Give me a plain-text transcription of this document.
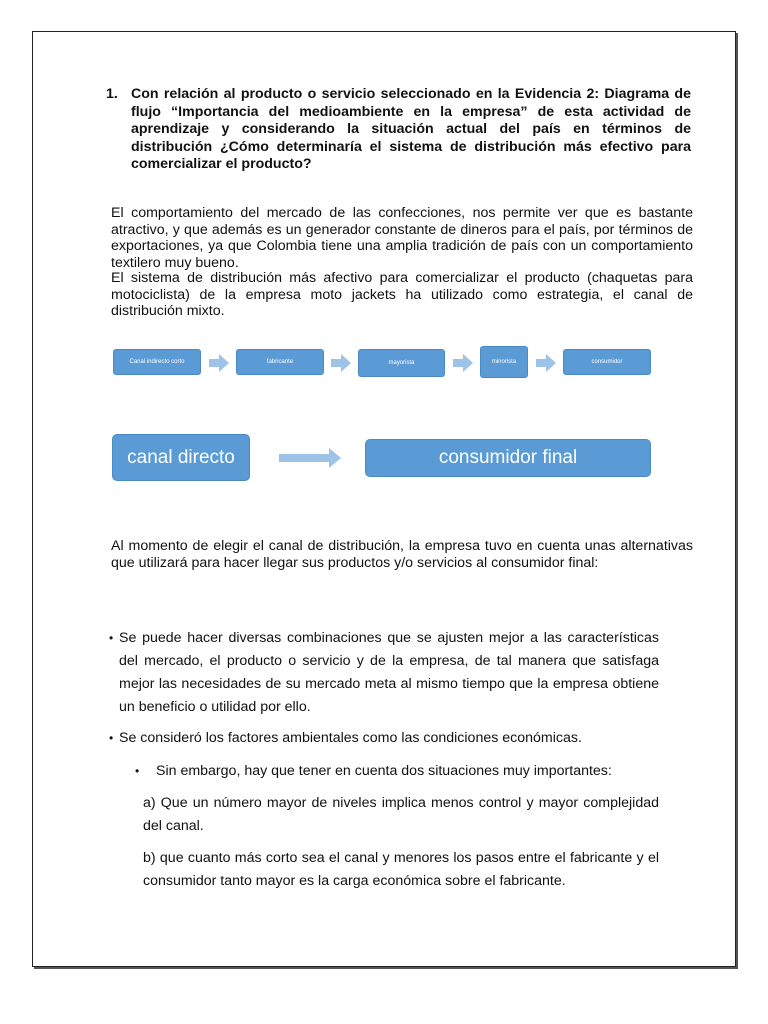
1. Con relación al producto o servicio seleccionado en la Evidencia 2: Diagrama de flujo “Importancia del medioambiente en la empresa” de esta actividad de aprendizaje y considerando la situación actual del país en términos de distribución ¿Cómo determinaría el sistema de distribución más efectivo para comercializar el producto?
El comportamiento del mercado de las confecciones, nos permite ver que es bastante atractivo, y que además es un generador constante de dineros para el país, por términos de exportaciones, ya que Colombia tiene una amplia tradición de país con un comportamiento textilero muy bueno.
El sistema de distribución más afectivo para comercializar el producto (chaquetas para motociclista) de la empresa moto jackets ha utilizado como estrategia, el canal de distribución mixto.
Canal indirecto corto	fabricante	mayorista	minorista	consumidor
canal directo	consumidor final
Al momento de elegir el canal de distribución, la empresa tuvo en cuenta unas alternativas que utilizará para hacer llegar sus productos y/o servicios al consumidor final:
• Se puede hacer diversas combinaciones que se ajusten mejor a las características del mercado, el producto o servicio y de la empresa, de tal manera que satisfaga mejor las necesidades de su mercado meta al mismo tiempo que la empresa obtiene un beneficio o utilidad por ello.
• Se consideró los factores ambientales como las condiciones económicas.
• Sin embargo, hay que tener en cuenta dos situaciones muy importantes:
a) Que un número mayor de niveles implica menos control y mayor complejidad del canal.
b) que cuanto más corto sea el canal y menores los pasos entre el fabricante y el consumidor tanto mayor es la carga económica sobre el fabricante.
